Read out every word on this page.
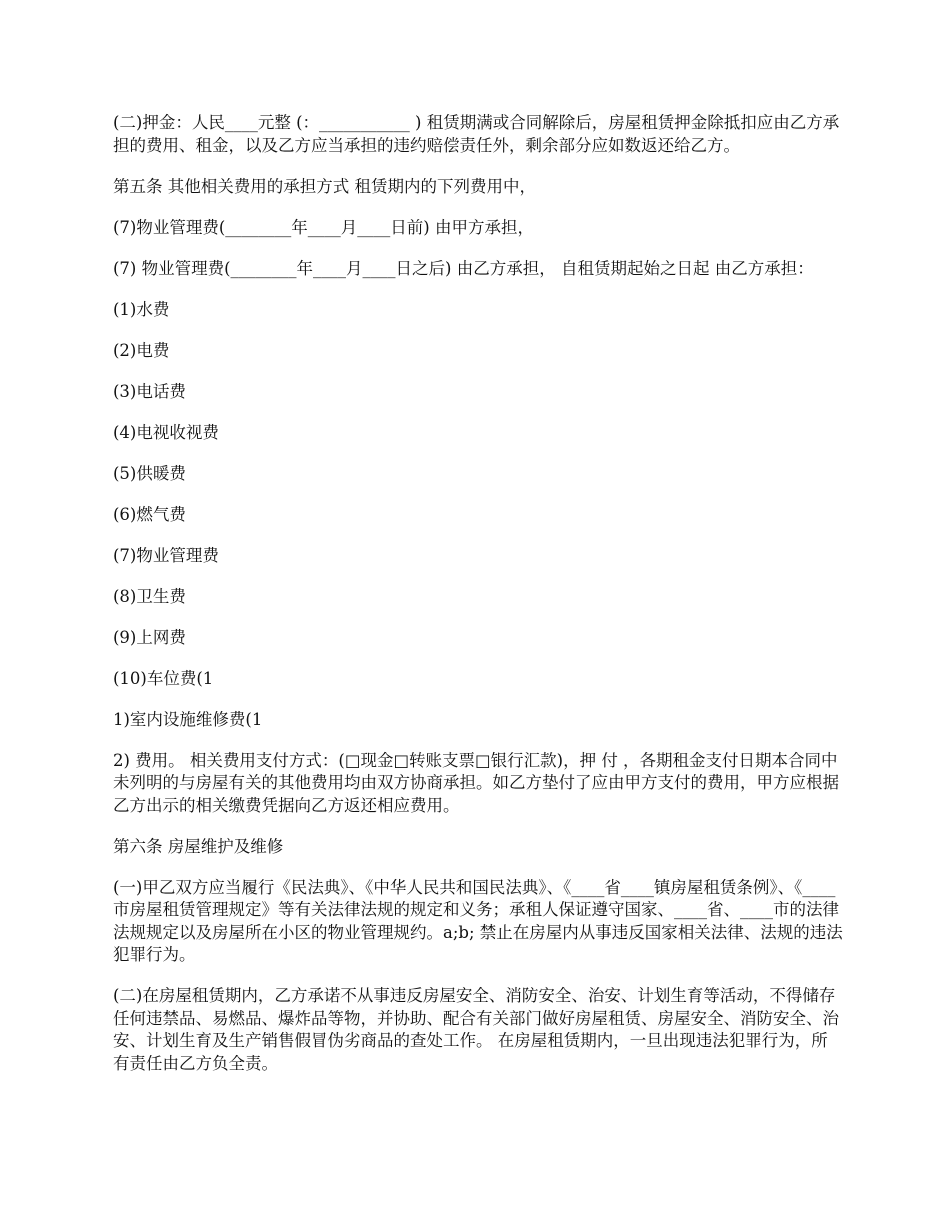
(二)押金：人民____元整 (：___________ ) 租赁期满或合同解除后，房屋租赁押金除抵扣应由乙方承担的费用、租金，以及乙方应当承担的违约赔偿责任外，剩余部分应如数返还给乙方。

第五条 其他相关费用的承担方式 租赁期内的下列费用中，

(7)物业管理费(________年____月____日前) 由甲方承担，

(7) 物业管理费(________年____月____日之后) 由乙方承担， 自租赁期起始之日起 由乙方承担：

(1)水费

(2)电费

(3)电话费

(4)电视收视费

(5)供暖费

(6)燃气费

(7)物业管理费

(8)卫生费

(9)上网费

(10)车位费(1

1)室内设施维修费(1

2) 费用。 相关费用支付方式：(□现金□转账支票□银行汇款)，押 付 ，各期租金支付日期本合同中未列明的与房屋有关的其他费用均由双方协商承担。如乙方垫付了应由甲方支付的费用，甲方应根据乙方出示的相关缴费凭据向乙方返还相应费用。

第六条 房屋维护及维修

(一)甲乙双方应当履行《民法典》、《中华人民共和国民法典》、《____省____镇房屋租赁条例》、《____市房屋租赁管理规定》等有关法律法规的规定和义务；承租人保证遵守国家、____省、____市的法律法规规定以及房屋所在小区的物业管理规约。a;b; 禁止在房屋内从事违反国家相关法律、法规的违法犯罪行为。

(二)在房屋租赁期内，乙方承诺不从事违反房屋安全、消防安全、治安、计划生育等活动，不得储存任何违禁品、易燃品、爆炸品等物，并协助、配合有关部门做好房屋租赁、房屋安全、消防安全、治安、计划生育及生产销售假冒伪劣商品的查处工作。 在房屋租赁期内，一旦出现违法犯罪行为，所有责任由乙方负全责。
